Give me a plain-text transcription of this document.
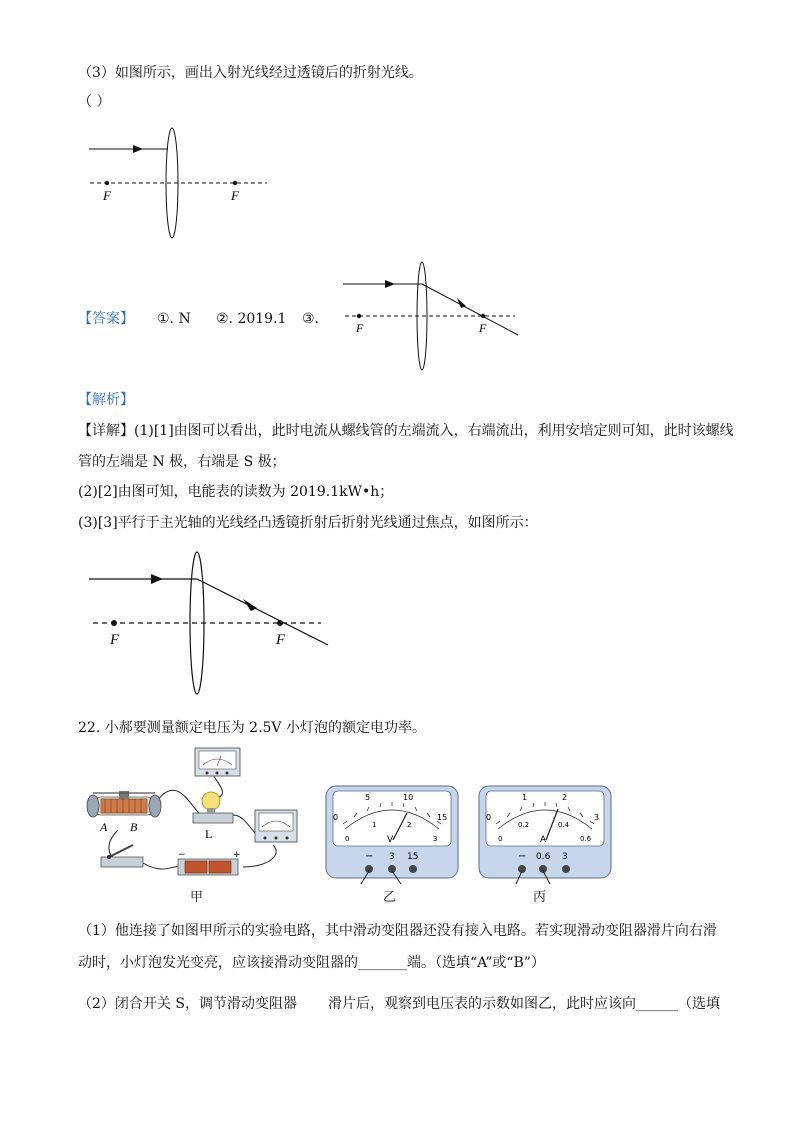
（3）如图所示，画出入射光线经过透镜后的折射光线。
（ ）
F	F
【答案】 ①. N ②. 2019.1 ③.
F	F
【解析】
【详解】(1)[1]由图可以看出，此时电流从螺线管的左端流入，右端流出，利用安培定则可知，此时该螺线
管的左端是 N 极，右端是 S 极；
(2)[2]由图可知，电能表的读数为 2019.1kW•h；
(3)[3]平行于主光轴的光线经凸透镜折射后折射光线通过焦点，如图所示：
F	F
22. 小郝要测量额定电压为 2.5V 小灯泡的额定电功率。
A B	L
−	+
甲
0
5	10
15
0
1	2
3
V
− 3 15
乙
0
1	2
3
0
0.2	0.4
0.6
A
− 0.6 3
丙
（1）他连接了如图甲所示的实验电路，其中滑动变阻器还没有接入电路。若实现滑动变阻器滑片向右滑
动时，小灯泡发光变亮，应该接滑动变阻器的_______端。（选填“A”或“B”）
（2）闭合开关 S，调节滑动变阻器 滑片后，观察到电压表的示数如图乙，此时应该向______（选填
